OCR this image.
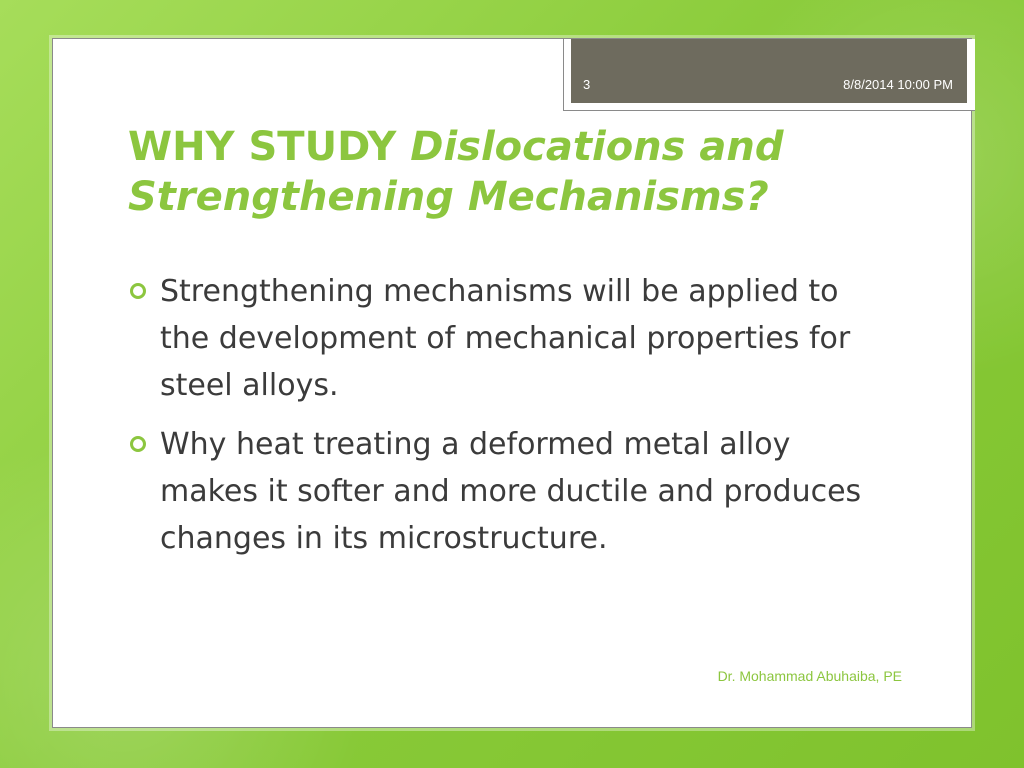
3	8/8/2014 10:00 PM
WHY STUDY Dislocations and Strengthening Mechanisms?
Strengthening mechanisms will be applied to the development of mechanical properties for steel alloys.
Why heat treating a deformed metal alloy makes it softer and more ductile and produces changes in its microstructure.
Dr. Mohammad Abuhaiba, PE
